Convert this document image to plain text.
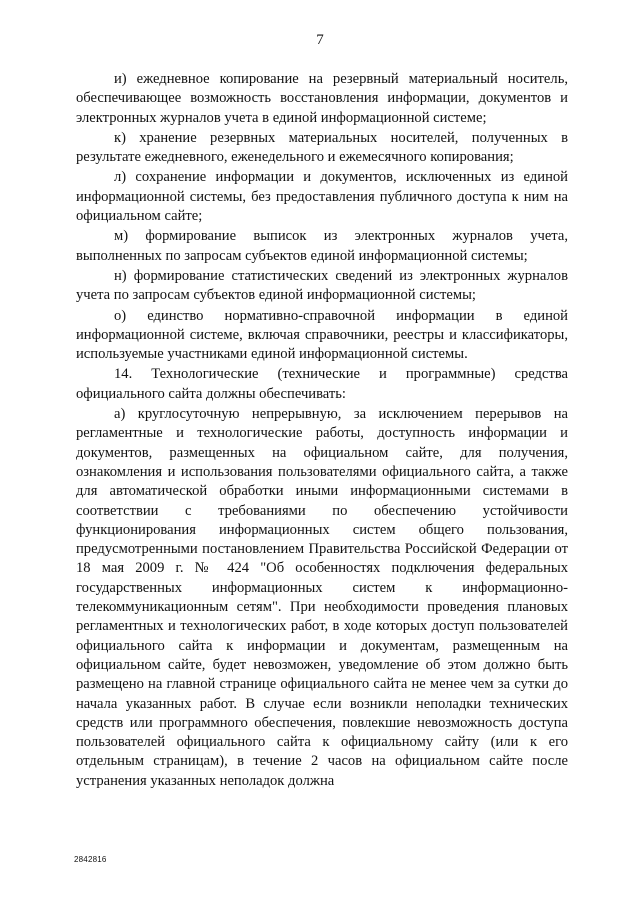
7

и) ежедневное копирование на резервный материальный носитель, обеспечивающее возможность восстановления информации, документов и электронных журналов учета в единой информационной системе;

к) хранение резервных материальных носителей, полученных в результате ежедневного, еженедельного и ежемесячного копирования;

л) сохранение информации и документов, исключенных из единой информационной системы, без предоставления публичного доступа к ним на официальном сайте;

м) формирование выписок из электронных журналов учета, выполненных по запросам субъектов единой информационной системы;

н) формирование статистических сведений из электронных журналов учета по запросам субъектов единой информационной системы;

о) единство нормативно-справочной информации в единой информационной системе, включая справочники, реестры и классификаторы, используемые участниками единой информационной системы.

14. Технологические (технические и программные) средства официального сайта должны обеспечивать:

а) круглосуточную непрерывную, за исключением перерывов на регламентные и технологические работы, доступность информации и документов, размещенных на официальном сайте, для получения, ознакомления и использования пользователями официального сайта, а также для автоматической обработки иными информационными системами в соответствии с требованиями по обеспечению устойчивости функционирования информационных систем общего пользования, предусмотренными постановлением Правительства Российской Федерации от 18 мая 2009 г. № 424 "Об особенностях подключения федеральных государственных информационных систем к информационно-телекоммуникационным сетям". При необходимости проведения плановых регламентных и технологических работ, в ходе которых доступ пользователей официального сайта к информации и документам, размещенным на официальном сайте, будет невозможен, уведомление об этом должно быть размещено на главной странице официального сайта не менее чем за сутки до начала указанных работ. В случае если возникли неполадки технических средств или программного обеспечения, повлекшие невозможность доступа пользователей официального сайта к официальному сайту (или к его отдельным страницам), в течение 2 часов на официальном сайте после устранения указанных неполадок должна

2842816
